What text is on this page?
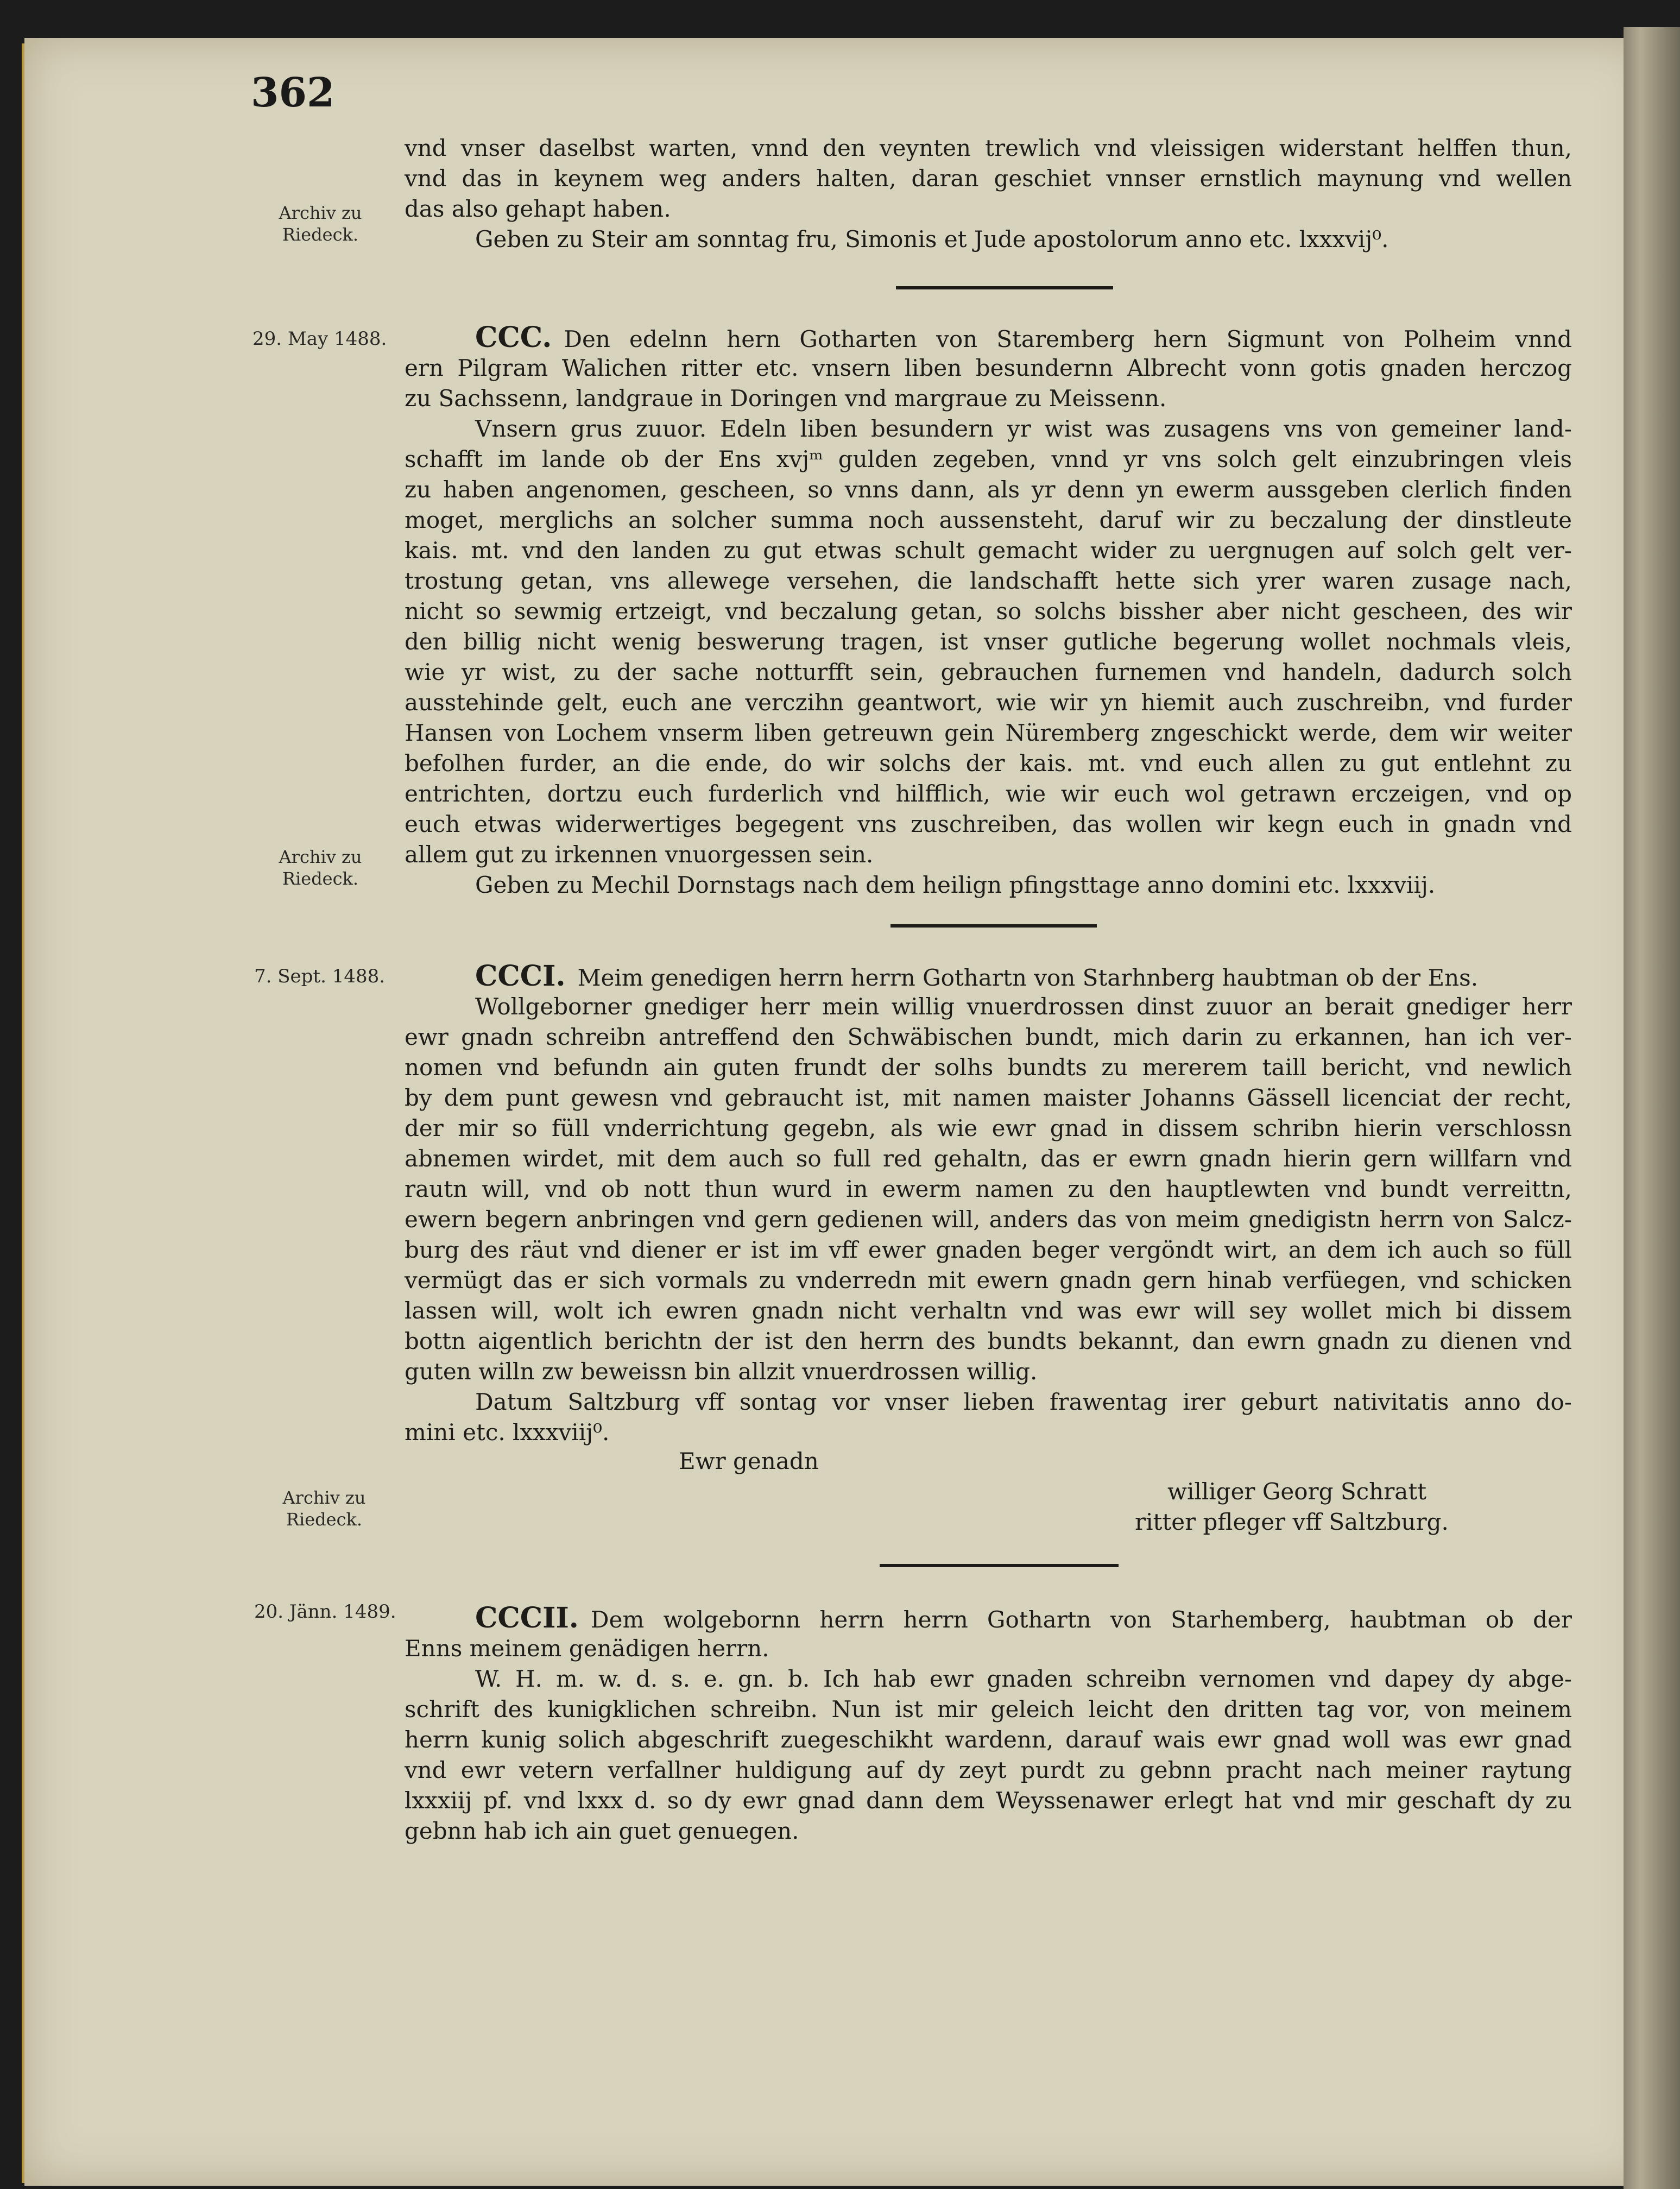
362
vnd vnser daselbst warten, vnnd den veynten trewlich vnd vleissigen widerstant helffen thun,
vnd das in keynem weg anders halten, daran geschiet vnnser ernstlich maynung vnd wellen
das also gehapt haben.
Geben zu Steir am sonntag fru, Simonis et Jude apostolorum anno etc. lxxxvij⁰.
Archiv zu
Riedeck.
29. May 1488.	CCC. Den edelnn hern Gotharten von Staremberg hern Sigmunt von Polheim vnnd
ern Pilgram Walichen ritter etc. vnsern liben besundernn Albrecht vonn gotis gnaden herczog
zu Sachssenn, landgraue in Doringen vnd margraue zu Meissenn.
Vnsern grus zuuor. Edeln liben besundern yr wist was zusagens vns von gemeiner land-
schafft im lande ob der Ens xvjᵐ gulden zegeben, vnnd yr vns solch gelt einzubringen vleis
zu haben angenomen, gescheen, so vnns dann, als yr denn yn ewerm aussgeben clerlich finden
moget, merglichs an solcher summa noch aussensteht, daruf wir zu beczalung der dinstleute
kais. mt. vnd den landen zu gut etwas schult gemacht wider zu uergnugen auf solch gelt ver-
trostung getan, vns allewege versehen, die landschafft hette sich yrer waren zusage nach,
nicht so sewmig ertzeigt, vnd beczalung getan, so solchs bissher aber nicht gescheen, des wir
den billig nicht wenig beswerung tragen, ist vnser gutliche begerung wollet nochmals vleis,
wie yr wist, zu der sache notturfft sein, gebrauchen furnemen vnd handeln, dadurch solch
ausstehinde gelt, euch ane verczihn geantwort, wie wir yn hiemit auch zuschreibn, vnd furder
Hansen von Lochem vnserm liben getreuwn gein Nüremberg zngeschickt werde, dem wir weiter
befolhen furder, an die ende, do wir solchs der kais. mt. vnd euch allen zu gut entlehnt zu
entrichten, dortzu euch furderlich vnd hilfflich, wie wir euch wol getrawn erczeigen, vnd op
euch etwas widerwertiges begegent vns zuschreiben, das wollen wir kegn euch in gnadn vnd
allem gut zu irkennen vnuorgessen sein.
Geben zu Mechil Dornstags nach dem heilign pfingsttage anno domini etc. lxxxviij.
Archiv zu
Riedeck.
7. Sept. 1488.	CCCI. Meim genedigen herrn herrn Gothartn von Starhnberg haubtman ob der Ens.
Wollgeborner gnediger herr mein willig vnuerdrossen dinst zuuor an berait gnediger herr
ewr gnadn schreibn antreffend den Schwäbischen bundt, mich darin zu erkannen, han ich ver-
nomen vnd befundn ain guten frundt der solhs bundts zu mererem taill bericht, vnd newlich
by dem punt gewesn vnd gebraucht ist, mit namen maister Johanns Gässell licenciat der recht,
der mir so füll vnderrichtung gegebn, als wie ewr gnad in dissem schribn hierin verschlossn
abnemen wirdet, mit dem auch so full red gehaltn, das er ewrn gnadn hierin gern willfarn vnd
rautn will, vnd ob nott thun wurd in ewerm namen zu den hauptlewten vnd bundt verreittn,
ewern begern anbringen vnd gern gedienen will, anders das von meim gnedigistn herrn von Salcz-
burg des räut vnd diener er ist im vff ewer gnaden beger vergöndt wirt, an dem ich auch so füll
vermügt das er sich vormals zu vnderredn mit ewern gnadn gern hinab verfüegen, vnd schicken
lassen will, wolt ich ewren gnadn nicht verhaltn vnd was ewr will sey wollet mich bi dissem
bottn aigentlich berichtn der ist den herrn des bundts bekannt, dan ewrn gnadn zu dienen vnd
guten willn zw beweissn bin allzit vnuerdrossen willig.
Datum Saltzburg vff sontag vor vnser lieben frawentag irer geburt nativitatis anno do-
mini etc. lxxxviij⁰.
Ewr genadn
williger Georg Schratt
ritter pfleger vff Saltzburg.
Archiv zu
Riedeck.
20. Jänn. 1489.	CCCII. Dem wolgebornn herrn herrn Gothartn von Starhemberg, haubtman ob der
Enns meinem genädigen herrn.
W. H. m. w. d. s. e. gn. b. Ich hab ewr gnaden schreibn vernomen vnd dapey dy abge-
schrift des kunigklichen schreibn. Nun ist mir geleich leicht den dritten tag vor, von meinem
herrn kunig solich abgeschrift zuegeschikht wardenn, darauf wais ewr gnad woll was ewr gnad
vnd ewr vetern verfallner huldigung auf dy zeyt purdt zu gebnn pracht nach meiner raytung
lxxxiij pf. vnd lxxx d. so dy ewr gnad dann dem Weyssenawer erlegt hat vnd mir geschaft dy zu
gebnn hab ich ain guet genuegen.
